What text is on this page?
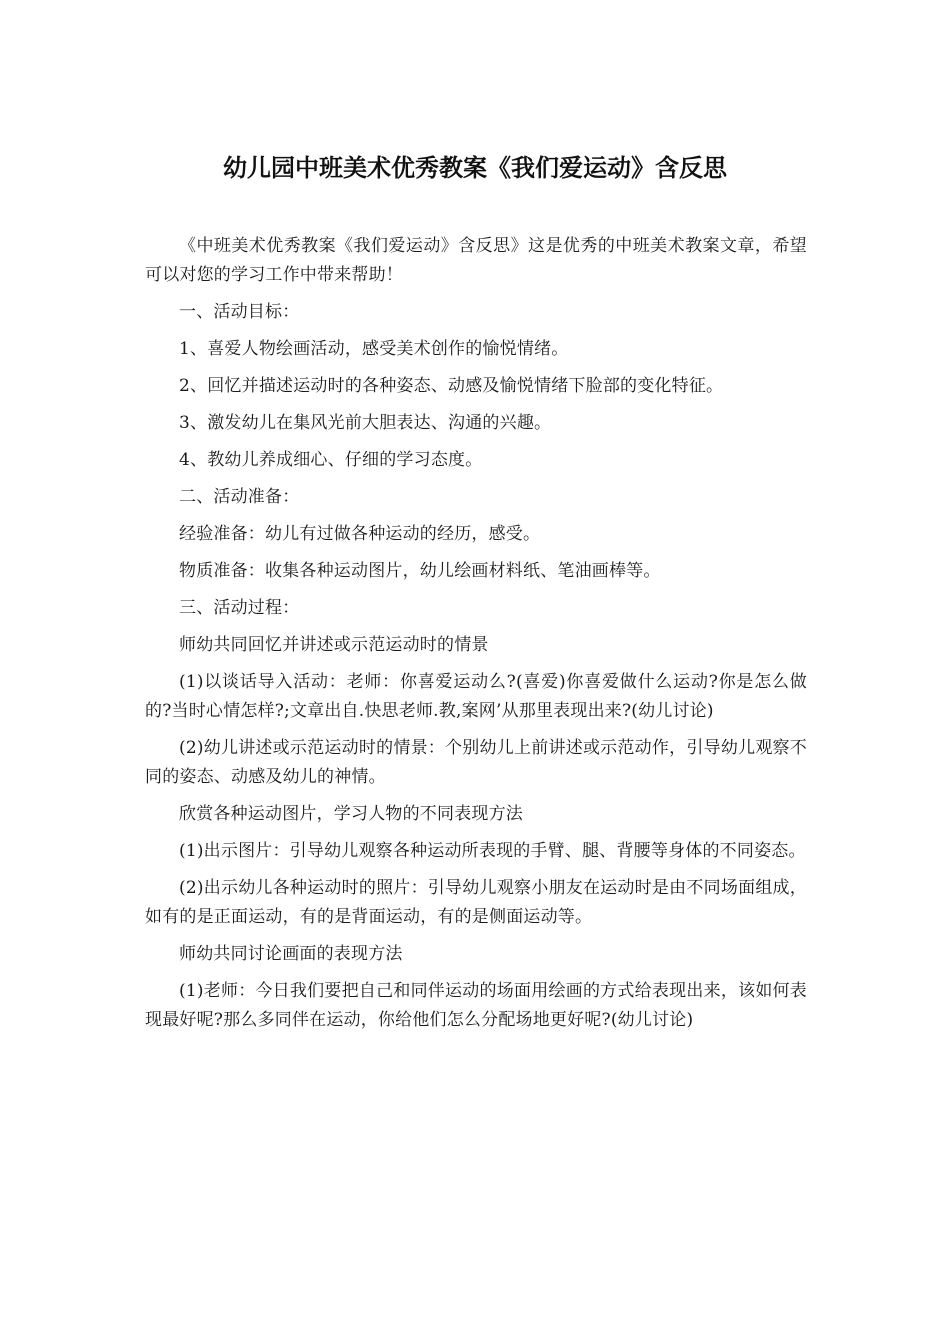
幼儿园中班美术优秀教案《我们爱运动》含反思

《中班美术优秀教案《我们爱运动》含反思》这是优秀的中班美术教案文章，希望可以对您的学习工作中带来帮助！

一、活动目标：

1、喜爱人物绘画活动，感受美术创作的愉悦情绪。

2、回忆并描述运动时的各种姿态、动感及愉悦情绪下脸部的变化特征。

3、激发幼儿在集风光前大胆表达、沟通的兴趣。

4、教幼儿养成细心、仔细的学习态度。

二、活动准备：

经验准备：幼儿有过做各种运动的经历，感受。

物质准备：收集各种运动图片，幼儿绘画材料纸、笔油画棒等。

三、活动过程：

师幼共同回忆并讲述或示范运动时的情景

(1)以谈话导入活动：老师：你喜爱运动么?(喜爱)你喜爱做什么运动?你是怎么做的?当时心情怎样?;文章出自.快思老师.教,案网’从那里表现出来?(幼儿讨论)

(2)幼儿讲述或示范运动时的情景：个别幼儿上前讲述或示范动作，引导幼儿观察不同的姿态、动感及幼儿的神情。

欣赏各种运动图片，学习人物的不同表现方法

(1)出示图片：引导幼儿观察各种运动所表现的手臂、腿、背腰等身体的不同姿态。

(2)出示幼儿各种运动时的照片：引导幼儿观察小朋友在运动时是由不同场面组成，如有的是正面运动，有的是背面运动，有的是侧面运动等。

师幼共同讨论画面的表现方法

(1)老师：今日我们要把自己和同伴运动的场面用绘画的方式给表现出来，该如何表现最好呢?那么多同伴在运动，你给他们怎么分配场地更好呢?(幼儿讨论)
